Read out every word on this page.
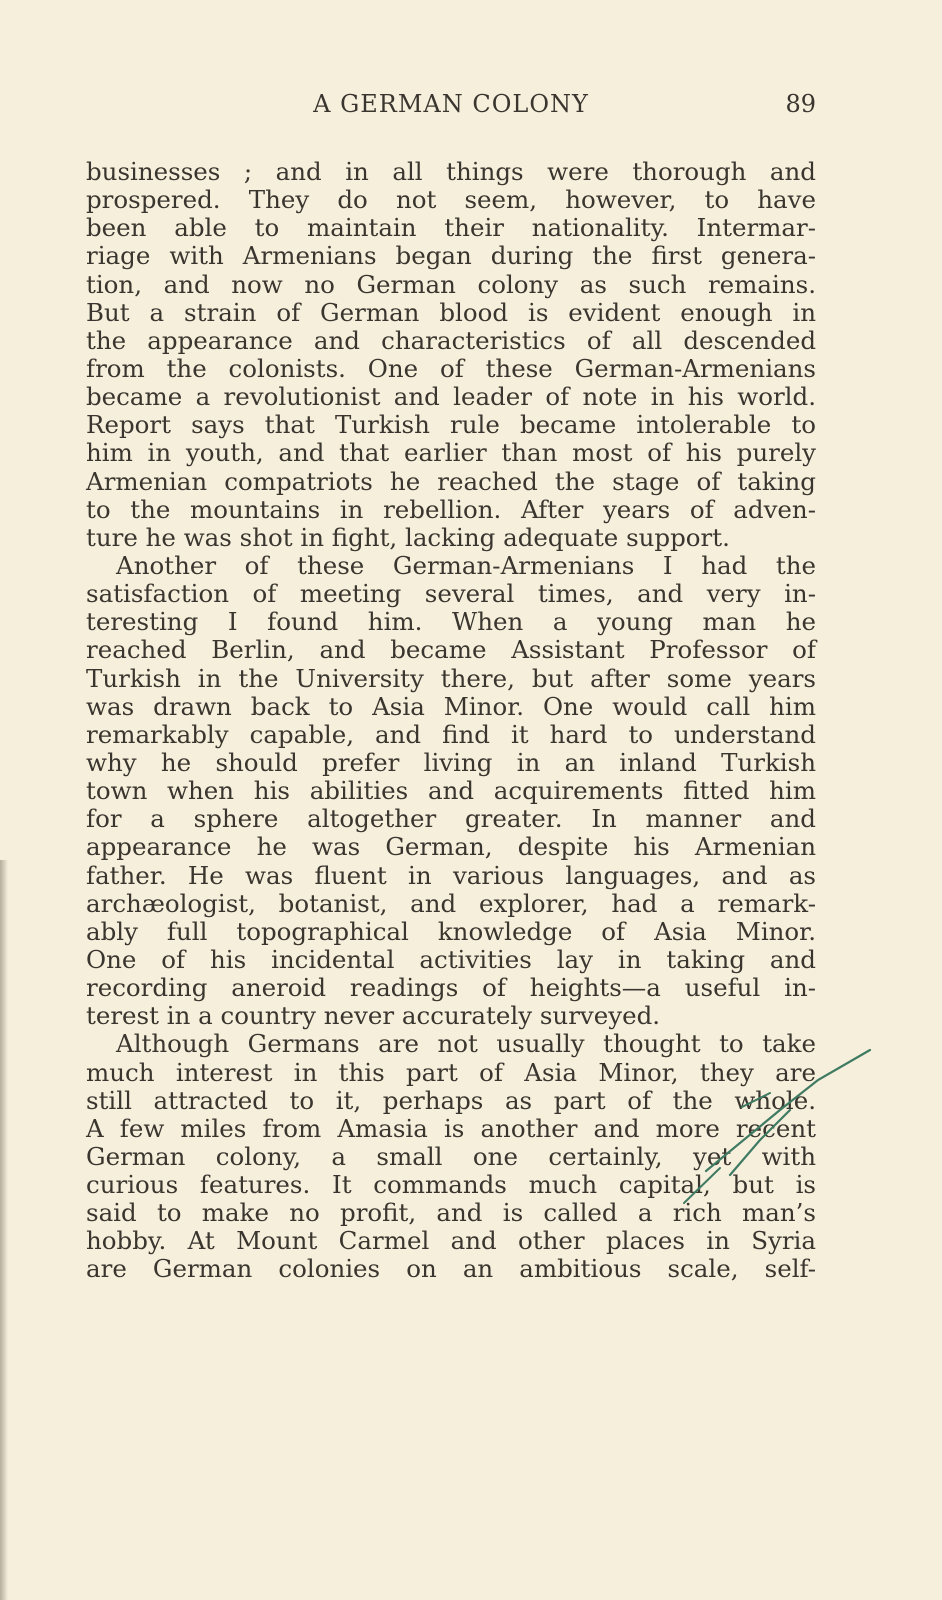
A GERMAN COLONY	89
businesses ; and in all things were thorough and
prospered. They do not seem, however, to have
been able to maintain their nationality. Intermar-
riage with Armenians began during the first genera-
tion, and now no German colony as such remains.
But a strain of German blood is evident enough in
the appearance and characteristics of all descended
from the colonists. One of these German-Armenians
became a revolutionist and leader of note in his world.
Report says that Turkish rule became intolerable to
him in youth, and that earlier than most of his purely
Armenian compatriots he reached the stage of taking
to the mountains in rebellion. After years of adven-
ture he was shot in fight, lacking adequate support.
Another of these German-Armenians I had the
satisfaction of meeting several times, and very in-
teresting I found him. When a young man he
reached Berlin, and became Assistant Professor of
Turkish in the University there, but after some years
was drawn back to Asia Minor. One would call him
remarkably capable, and find it hard to understand
why he should prefer living in an inland Turkish
town when his abilities and acquirements fitted him
for a sphere altogether greater. In manner and
appearance he was German, despite his Armenian
father. He was fluent in various languages, and as
archæologist, botanist, and explorer, had a remark-
ably full topographical knowledge of Asia Minor.
One of his incidental activities lay in taking and
recording aneroid readings of heights—a useful in-
terest in a country never accurately surveyed.
Although Germans are not usually thought to take
much interest in this part of Asia Minor, they are
still attracted to it, perhaps as part of the whole.
A few miles from Amasia is another and more recent
German colony, a small one certainly, yet with
curious features. It commands much capital, but is
said to make no profit, and is called a rich man’s
hobby. At Mount Carmel and other places in Syria
are German colonies on an ambitious scale, self-
